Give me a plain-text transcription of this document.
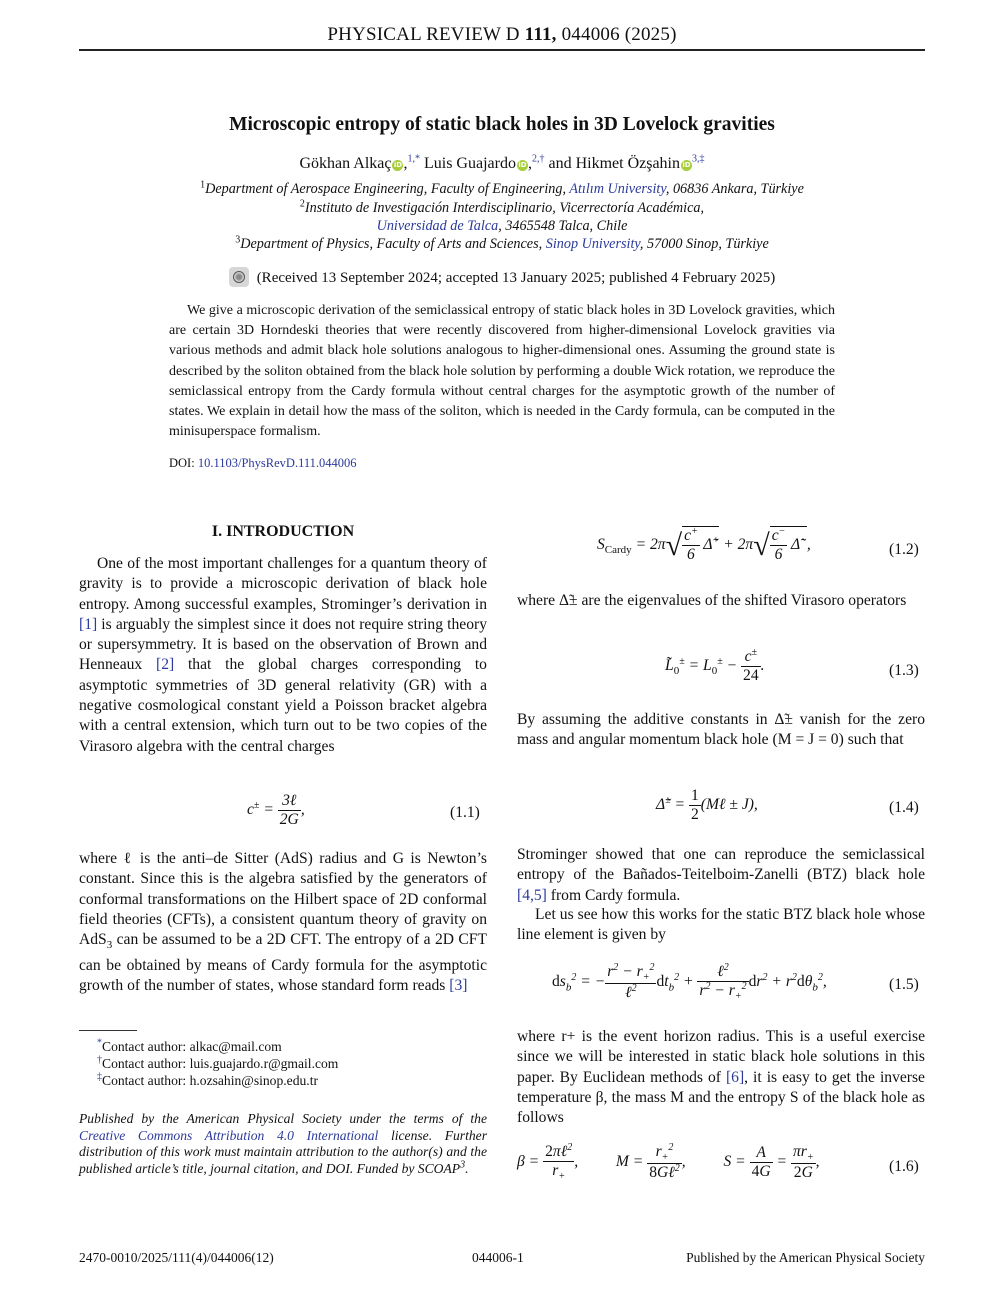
PHYSICAL REVIEW D 111, 044006 (2025)
Microscopic entropy of static black holes in 3D Lovelock gravities
Gökhan Alkaç iD,$^{1,*}$ Luis Guajardo iD,$^{2,\dagger}$ and Hikmet Özşahin $iD^{3,\ddagger}$
$^1$Department of Aerospace Engineering, Faculty of Engineering, Atılım University, 06836 Ankara, Türkiye
$^2$Instituto de Investigación Interdisciplinario, Vicerrectoría Académica,
Universidad de Talca, 3465548 Talca, Chile
$^3$Department of Physics, Faculty of Arts and Sciences, Sinop University, 57000 Sinop, Türkiye
(Received 13 September 2024; accepted 13 January 2025; published 4 February 2025)
We give a microscopic derivation of the semiclassical entropy of static black holes in 3D Lovelock gravities, which are certain 3D Horndeski theories that were recently discovered from higher-dimensional Lovelock gravities via various methods and admit black hole solutions analogous to higher-dimensional ones. Assuming the ground state is described by the soliton obtained from the black hole solution by performing a double Wick rotation, we reproduce the semiclassical entropy from the Cardy formula without central charges for the asymptotic growth of the number of states. We explain in detail how the mass of the soliton, which is needed in the Cardy formula, can be computed in the minisuperspace formalism.
DOI: 10.1103/PhysRevD.111.044006
I. INTRODUCTION
One of the most important challenges for a quantum theory of gravity is to provide a microscopic derivation of black hole entropy. Among successful examples, Strominger’s derivation in [1] is arguably the simplest since it does not require string theory or supersymmetry. It is based on the observation of Brown and Henneaux [2] that the global charges corresponding to asymptotic symmetries of 3D general relativity (GR) with a negative cosmological constant yield a Poisson bracket algebra with a central extension, which turn out to be two copies of the Virasoro algebra with the central charges
$c^\pm = \frac{\text{3ℓ}}{2G}$ ,	(1.1)
where ℓ is the anti–de Sitter (AdS) radius and G is Newton’s constant. Since this is the algebra satisfied by the generators of conformal transformations on the Hilbert space of 2D conformal field theories (CFTs), a consistent quantum theory of gravity on AdS$_3$ can be assumed to be a 2D CFT. The entropy of a 2D CFT can be obtained by means of Cardy formula for the asymptotic growth of the number of states, whose standard form reads [3]
*Contact author: alkac@mail.com
†Contact author: luis.guajardo.r@gmail.com
‡Contact author: h.ozsahin@sinop.edu.tr
Published by the American Physical Society under the terms of the Creative Commons Attribution 4.0 International license. Further distribution of this work must maintain attribution to the author(s) and the published article’s title, journal citation, and DOI. Funded by SCOAP$^3$.
$S_{Cardy} = 2\pi√ \frac{c^+}{6}$ Δ̃+ + $2\pi√ \frac{c^-}{6}$ Δ̃−,	(1.2)
where Δ̃± are the eigenvalues of the shifted Virasoro operators
$L̃_0^\pm = L_0^\pm - \frac{c^\pm}{24}$ .	(1.3)
By assuming the additive constants in Δ̃± vanish for the zero mass and angular momentum black hole (M = J = 0) such that
Δ̃± = $\frac{1}{2}$ (Mℓ ± J),	(1.4)
Strominger showed that one can reproduce the semiclassical entropy of the Bañados-Teitelboim-Zanelli (BTZ) black hole [4,5] from Cardy formula.
Let us see how this works for the static BTZ black hole whose line element is given by
$ds_b^2$ = − $\frac{r^2 - r_+^2}{\ell^2} dt_b^2 + \frac{\ell^2}{r^2 - r_+^2} dr^2 + r^2d\theta_b^2$,	(1.5)
where r+ is the event horizon radius. This is a useful exercise since we will be interested in static black hole solutions in this paper. By Euclidean methods of [6], it is easy to get the inverse temperature β, the mass M and the entropy S of the black hole as follows
$\beta = \frac{2\pi\ell^2}{r_+}$ ,  $M = \frac{r_+^2}{8G\ell^2}$ ,  $S = \frac{A}{4G} = \frac{\pi r_+}{2G}$ ,	(1.6)
2470-0010/2025/111(4)/044006(12)	044006-1	Published by the American Physical Society
